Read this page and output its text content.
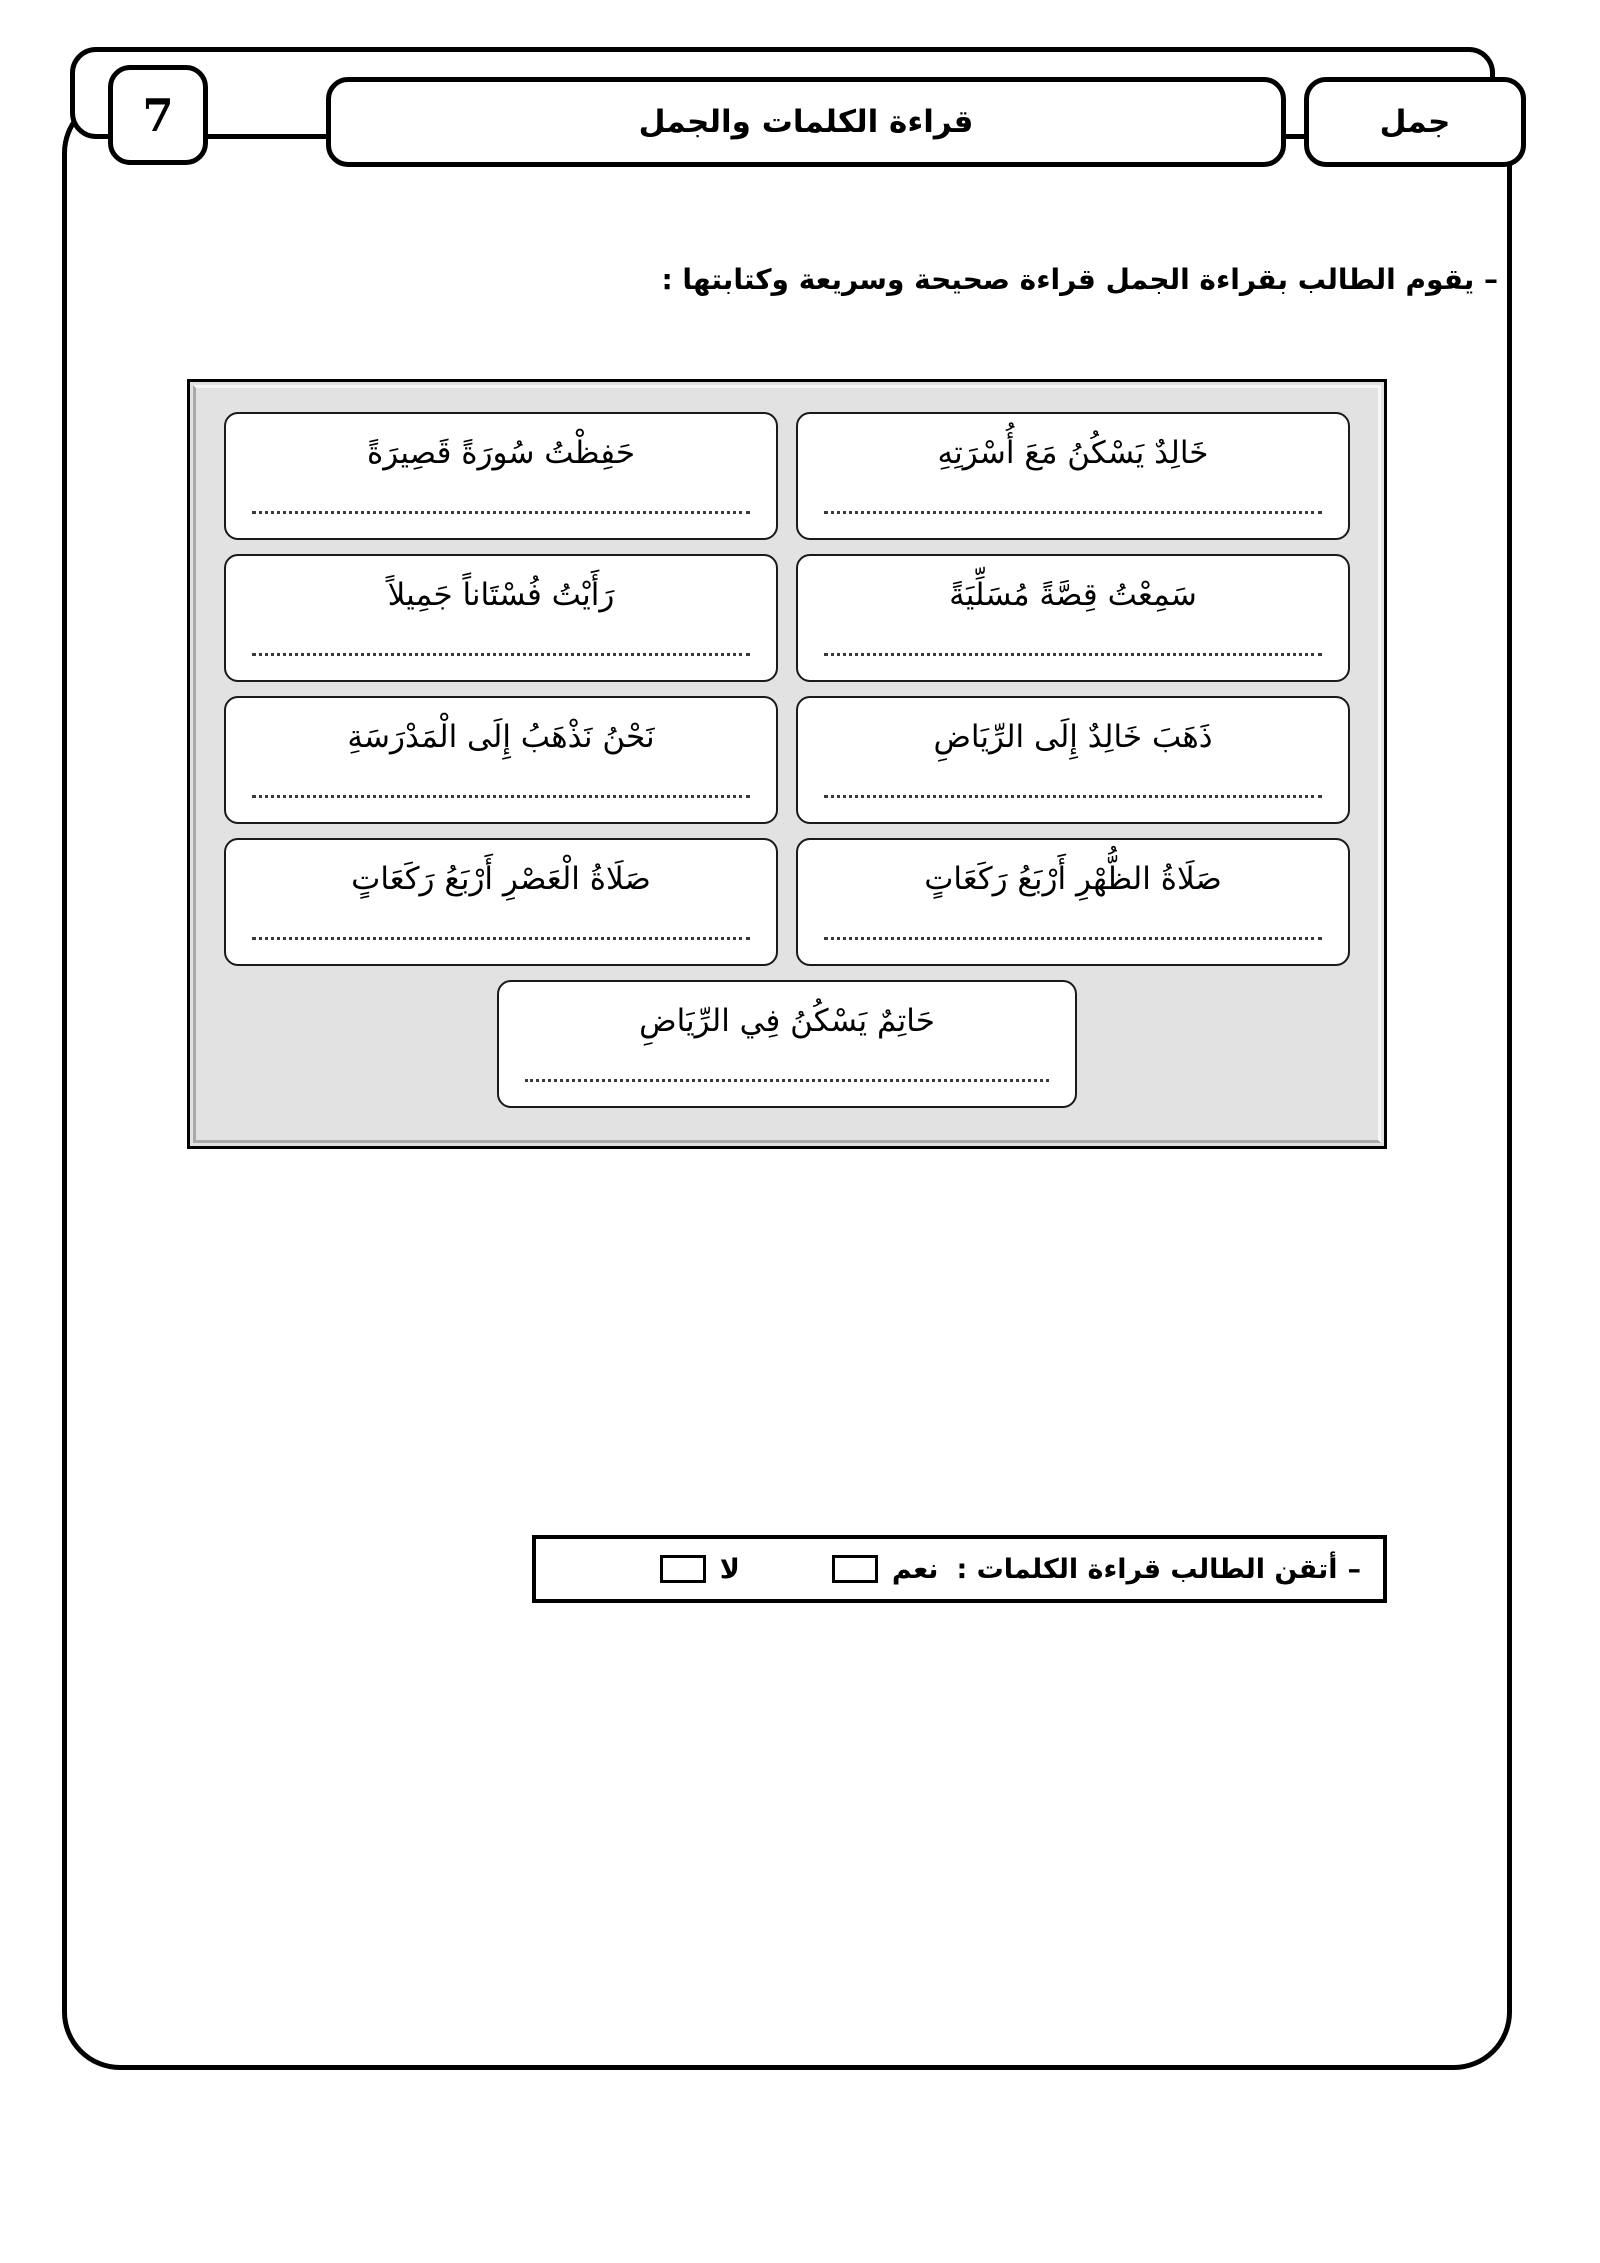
جمل
قراءة الكلمات والجمل
7
– يقوم الطالب بقراءة الجمل قراءة صحيحة وسريعة وكتابتها :
خَالِدٌ يَسْكُنُ مَعَ أُسْرَتِهِ
حَفِظْتُ سُورَةً قَصِيرَةً
سَمِعْتُ قِصَّةً مُسَلِّيَةً
رَأَيْتُ فُسْتَاناً جَمِيلاً
ذَهَبَ خَالِدٌ إِلَى الرِّيَاضِ
نَحْنُ نَذْهَبُ إِلَى الْمَدْرَسَةِ
صَلَاةُ الظُّهْرِ أَرْبَعُ رَكَعَاتٍ
صَلَاةُ الْعَصْرِ أَرْبَعُ رَكَعَاتٍ
حَاتِمٌ يَسْكُنُ فِي الرِّيَاضِ
–
أتقن الطالب قراءة الكلمات :
نعم
لا
